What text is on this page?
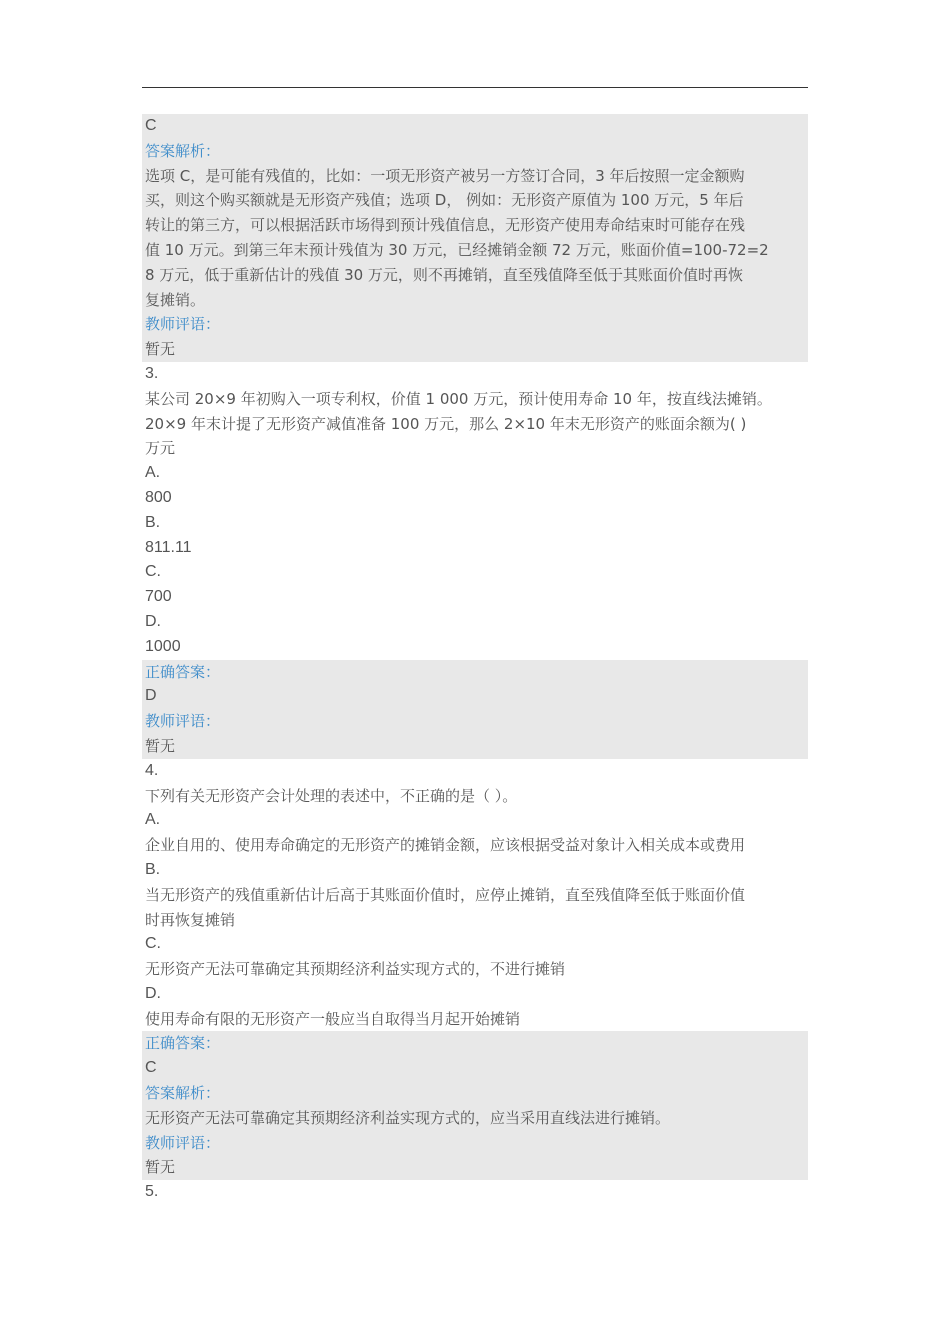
C
答案解析：
选项 C，是可能有残值的，比如：一项无形资产被另一方签订合同，3 年后按照一定金额购
买，则这个购买额就是无形资产残值；选项 D， 例如：无形资产原值为 100 万元，5 年后
转让的第三方，可以根据活跃市场得到预计残值信息，无形资产使用寿命结束时可能存在残
值 10 万元。到第三年末预计残值为 30 万元，已经摊销金额 72 万元，账面价值=100-72=2
8 万元，低于重新估计的残值 30 万元，则不再摊销，直至残值降至低于其账面价值时再恢
复摊销。
教师评语：
暂无
3.
某公司 20×9 年初购入一项专利权，价值 1 000 万元，预计使用寿命 10 年，按直线法摊销。
20×9 年末计提了无形资产减值准备 100 万元，那么 2×10 年末无形资产的账面余额为( )
万元
A.
800
B.
811.11
C.
700
D.
1000
正确答案：
D
教师评语：
暂无
4.
下列有关无形资产会计处理的表述中，不正确的是（ ）。
A.
企业自用的、使用寿命确定的无形资产的摊销金额，应该根据受益对象计入相关成本或费用
B.
当无形资产的残值重新估计后高于其账面价值时，应停止摊销，直至残值降至低于账面价值
时再恢复摊销
C.
无形资产无法可靠确定其预期经济利益实现方式的，不进行摊销
D.
使用寿命有限的无形资产一般应当自取得当月起开始摊销
正确答案：
C
答案解析：
无形资产无法可靠确定其预期经济利益实现方式的，应当采用直线法进行摊销。
教师评语：
暂无
5.
